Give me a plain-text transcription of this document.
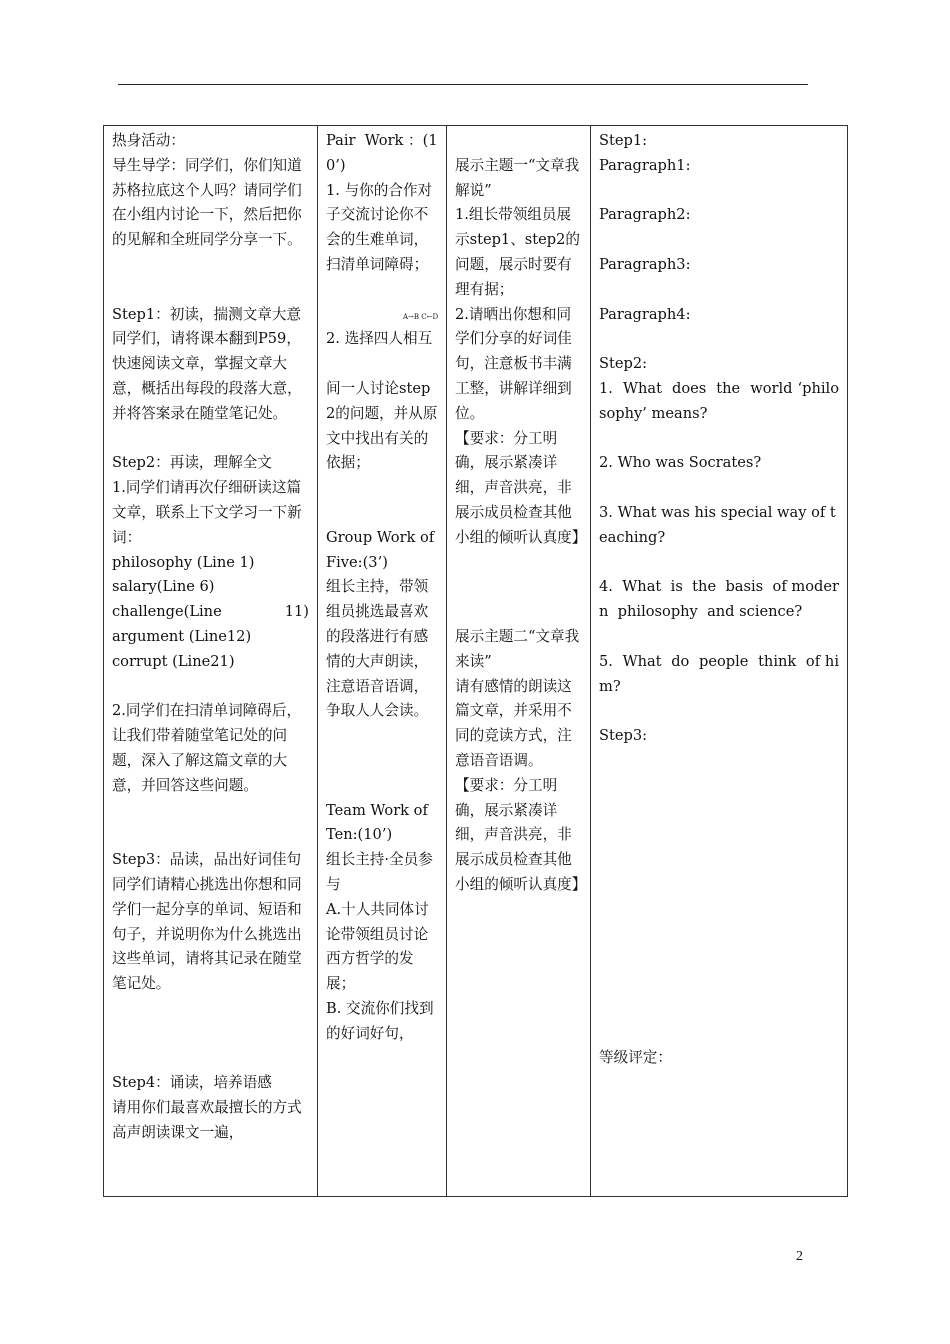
热身活动：
导生导学：同学们，你们知道苏格拉底这个人吗？请同学们在小组内讨论一下，然后把你的见解和全班同学分享一下。
Step1：初读，揣测文章大意
同学们，请将课本翻到P59，快速阅读文章，掌握文章大意，概括出每段的段落大意，并将答案录在随堂笔记处。
Step2：再读，理解全文
1.同学们请再次仔细研读这篇文章，联系上下文学习一下新词：
philosophy (Line 1)
salary(Line 6)
challenge(Line        11)
argument (Line12)
corrupt (Line21)
2.同学们在扫清单词障碍后，让我们带着随堂笔记处的问题，深入了解这篇文章的大意，并回答这些问题。
Step3：品读，品出好词佳句
同学们请精心挑选出你想和同学们一起分享的单词、短语和句子，并说明你为什么挑选出这些单词，请将其记录在随堂笔记处。
Step4：诵读，培养语感
请用你们最喜欢最擅长的方式高声朗读课文一遍，

Pair  Work ：(10’)
1. 与你的合作对子交流讨论你不会的生难单词，扫清单词障碍；
2. 选择四人
A→B C←D
相互
间一人讨论step2的问题，并从原文中找出有关的依据；
Group Work of Five:(3’)
组长主持，带领组员挑选最喜欢的段落进行有感情的大声朗读，注意语音语调，争取人人会读。
Team Work of Ten:(10’)
组长主持·全员参与
A.十人共同体讨论带领组员讨论西方哲学的发展；
B. 交流你们找到的好词好句，

展示主题一“文章我解说”
1.组长带领组员展示step1、step2的问题，展示时要有理有据；
2.请晒出你想和同学们分享的好词佳句，注意板书丰满工整，讲解详细到位。
【要求：分工明确，展示紧凑详细，声音洪亮，非展示成员检查其他小组的倾听认真度】
展示主题二“文章我来读”
请有感情的朗读这篇文章，并采用不同的竞读方式，注意语音语调。
【要求：分工明确，展示紧凑详细，声音洪亮，非展示成员检查其他小组的倾听认真度】

Step1:
Paragraph1:
Paragraph2:
Paragraph3:
Paragraph4:
Step2:
1.  What  does  the  world ‘philosophy’ means?
2. Who was Socrates?
3. What was his special way of teaching?
4.  What  is  the  basis  of modern  philosophy  and science?
5.  What  do  people  think  of him?
Step3:
等级评定：
2
